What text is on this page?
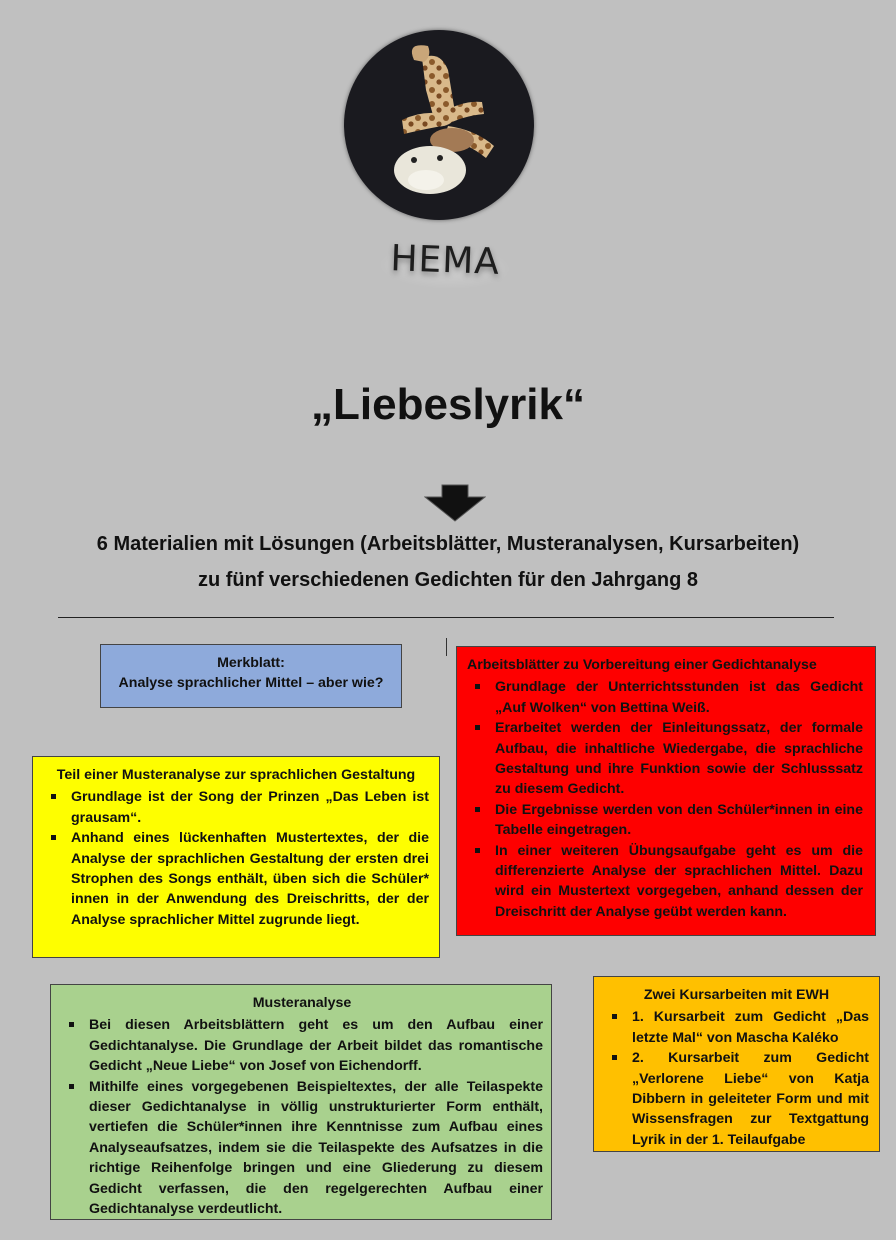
HEMA
„Liebeslyrik“
6 Materialien mit Lösungen (Arbeitsblätter, Musteranalysen, Kursarbeiten)
zu fünf verschiedenen Gedichten für den Jahrgang 8
Merkblatt:
Analyse sprachlicher Mittel – aber wie?
Arbeitsblätter zu Vorbereitung einer Gedichtanalyse
Grundlage der Unterrichtsstunden ist das Gedicht „Auf Wolken“ von Bettina Weiß.
Erarbeitet werden der Einleitungssatz, der formale Aufbau, die inhaltliche Wiedergabe, die sprachliche Gestaltung und ihre Funktion sowie der Schlusssatz zu diesem Gedicht.
Die Ergebnisse werden von den Schüler*innen in eine Tabelle eingetragen.
In einer weiteren Übungsaufgabe geht es um die differenzierte Analyse der sprachlichen Mittel. Dazu wird ein Mustertext vorgegeben, anhand dessen der Dreischritt der Analyse geübt werden kann.
Teil einer Musteranalyse zur sprachlichen Gestaltung
Grundlage ist der Song der Prinzen „Das Leben ist grausam“.
Anhand eines lückenhaften Mustertextes, der die Analyse der sprachlichen Gestaltung der ersten drei Strophen des Songs enthält, üben sich die Schüler* innen in der Anwendung des Dreischritts, der der Analyse sprachlicher Mittel zugrunde liegt.
Musteranalyse
Bei diesen Arbeitsblättern geht es um den Aufbau einer Gedichtanalyse. Die Grundlage der Arbeit bildet das romantische Gedicht „Neue Liebe“ von Josef von Eichendorff.
Mithilfe eines vorgegebenen Beispieltextes, der alle Teilaspekte dieser Gedichtanalyse in völlig unstrukturierter Form enthält, vertiefen die Schüler*innen ihre Kenntnisse zum Aufbau eines Analyseaufsatzes, indem sie die Teilaspekte des Aufsatzes in die richtige Reihenfolge bringen und eine Gliederung zu diesem Gedicht verfassen, die den regelgerechten Aufbau einer Gedichtanalyse verdeutlicht.
Zwei Kursarbeiten mit EWH
1. Kursarbeit zum Gedicht „Das letzte Mal“ von Mascha Kaléko
2. Kursarbeit zum Gedicht „Verlorene Liebe“ von Katja Dibbern in geleiteter Form und mit Wissensfragen zur Textgattung Lyrik in der 1. Teilaufgabe
